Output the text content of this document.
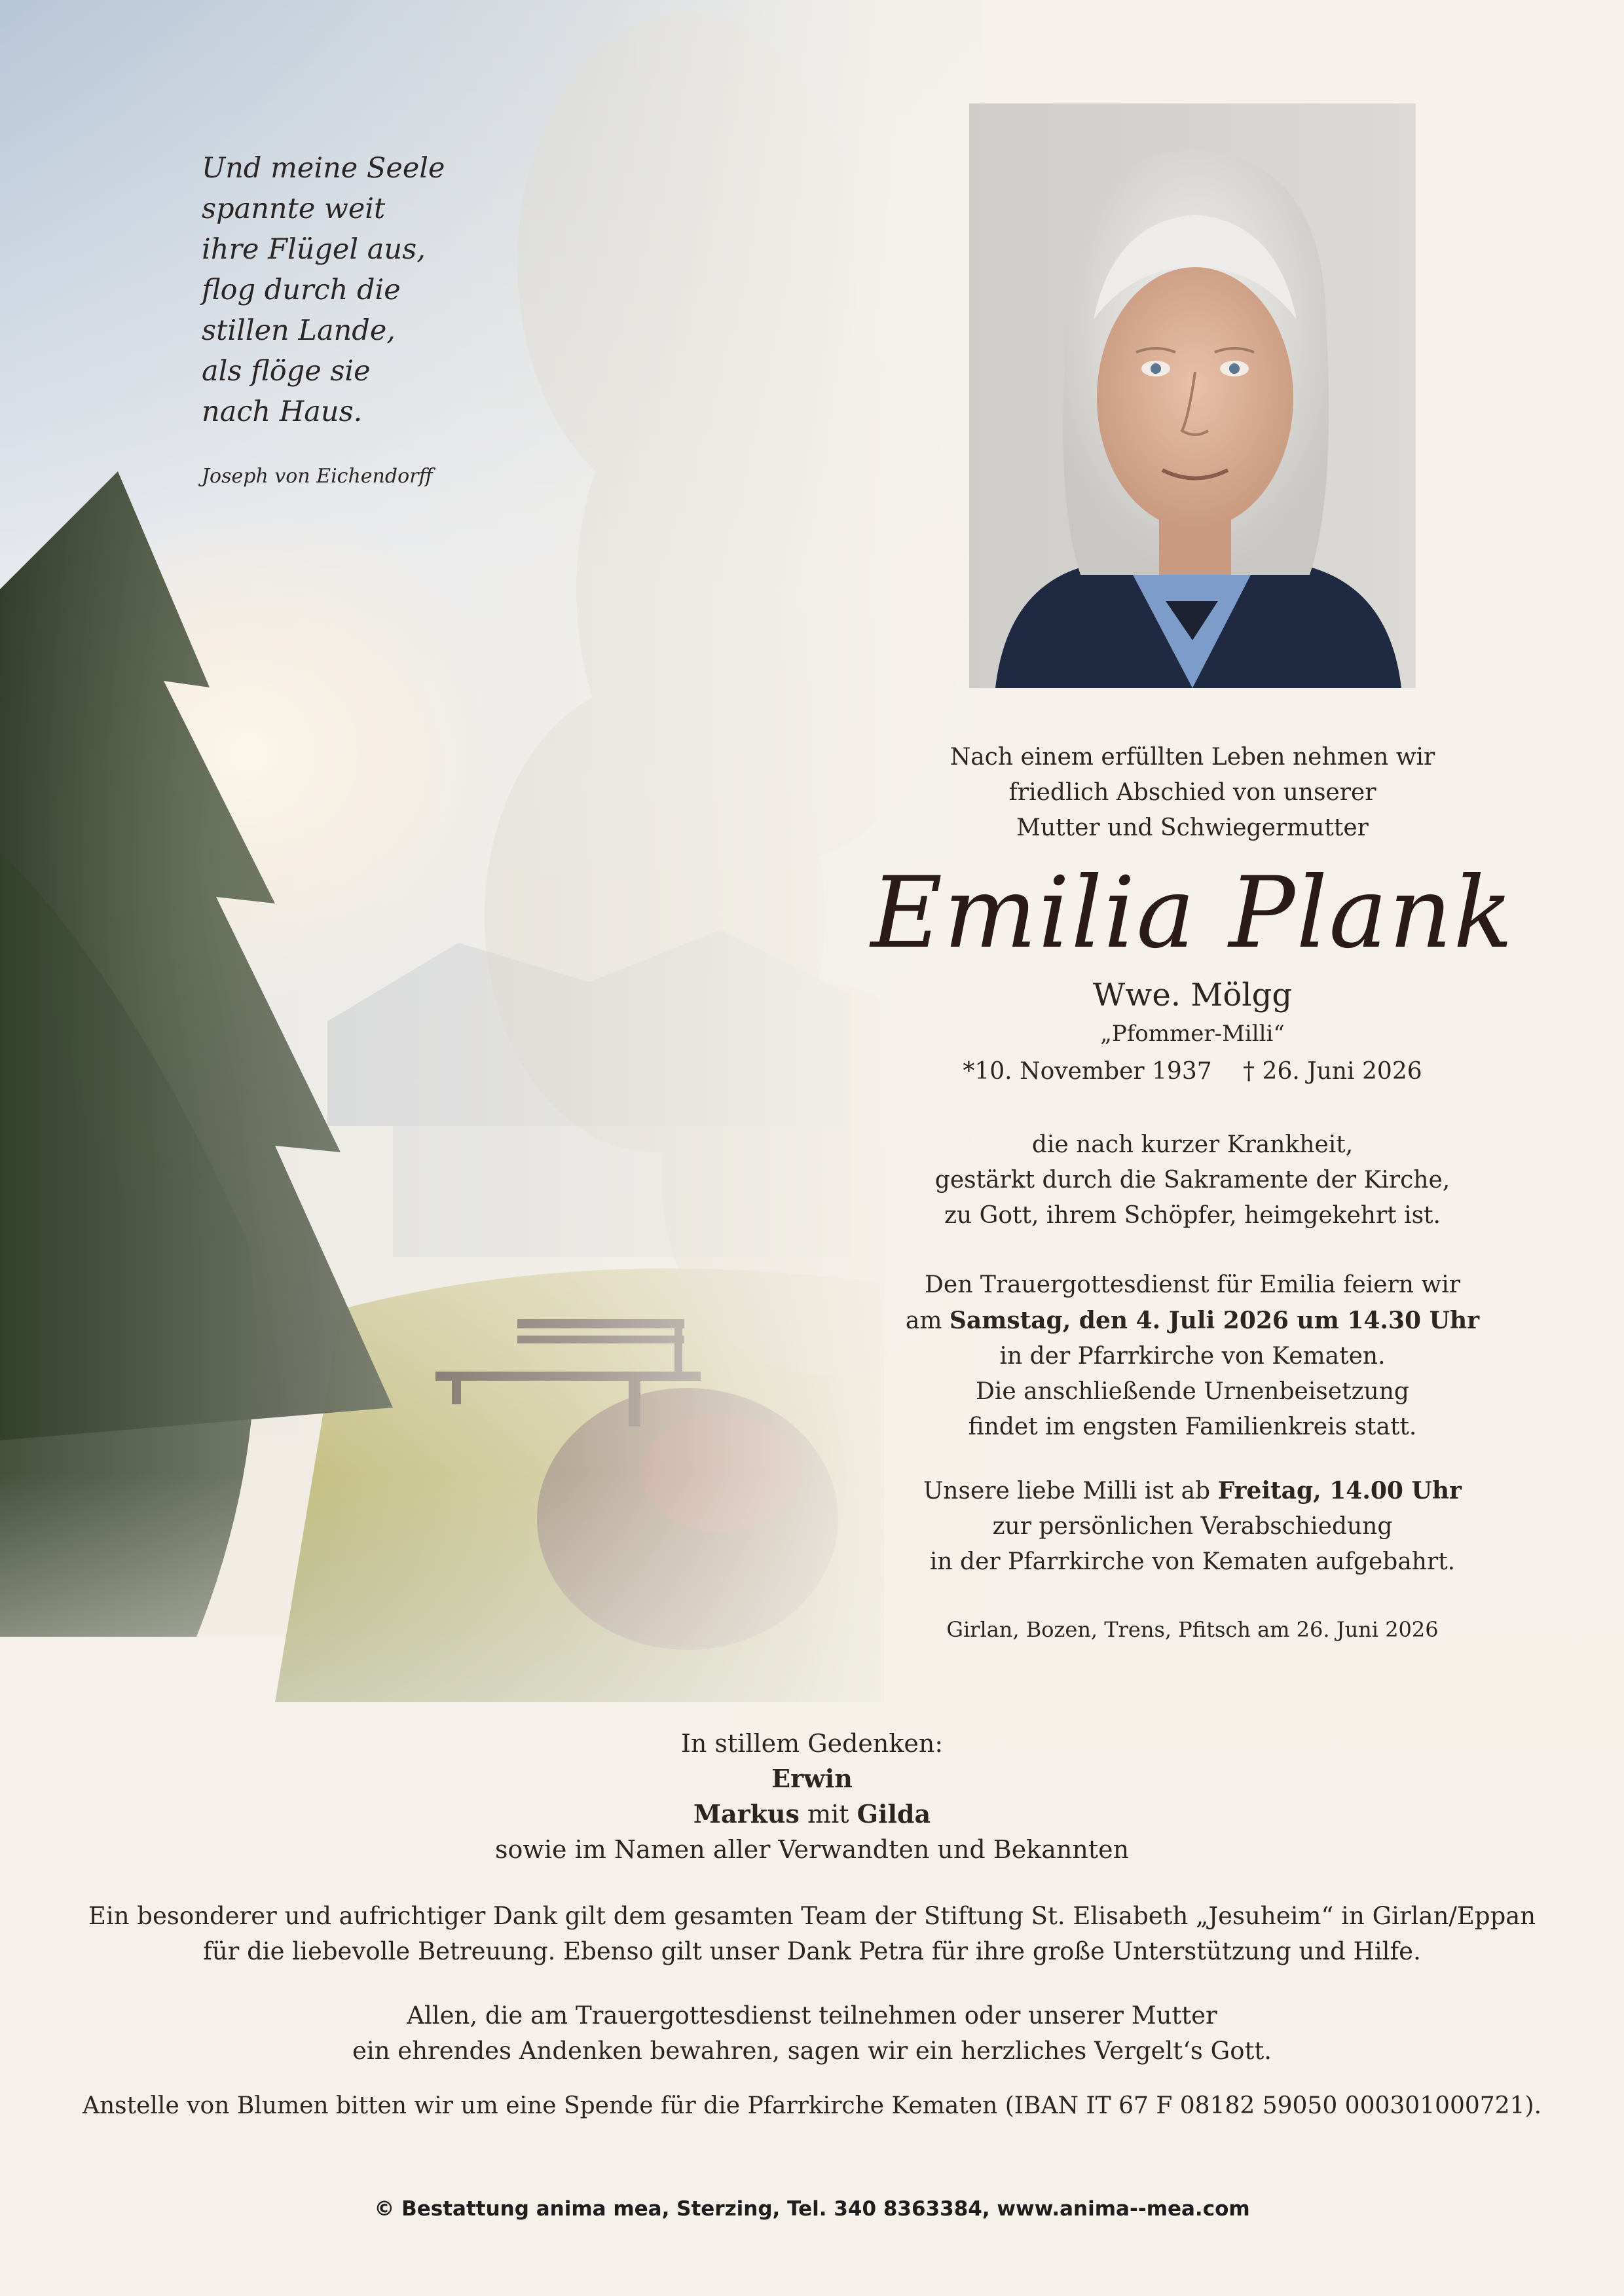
Und meine Seele
spannte weit
ihre Flügel aus,
flog durch die
stillen Lande,
als flöge sie
nach Haus.
Joseph von Eichendorff
Nach einem erfüllten Leben nehmen wir
friedlich Abschied von unserer
Mutter und Schwiegermutter
Emilia Plank
Wwe. Mölgg
„Pfommer-Milli“
*10. November 1937 † 26. Juni 2026
die nach kurzer Krankheit,
gestärkt durch die Sakramente der Kirche,
zu Gott, ihrem Schöpfer, heimgekehrt ist.
Den Trauergottesdienst für Emilia feiern wir
am Samstag, den 4. Juli 2026 um 14.30 Uhr
in der Pfarrkirche von Kematen.
Die anschließende Urnenbeisetzung
findet im engsten Familienkreis statt.
Unsere liebe Milli ist ab Freitag, 14.00 Uhr
zur persönlichen Verabschiedung
in der Pfarrkirche von Kematen aufgebahrt.
Girlan, Bozen, Trens, Pfitsch am 26. Juni 2026
In stillem Gedenken:
Erwin
Markus mit Gilda
sowie im Namen aller Verwandten und Bekannten
Ein besonderer und aufrichtiger Dank gilt dem gesamten Team der Stiftung St. Elisabeth „Jesuheim“ in Girlan/Eppan
für die liebevolle Betreuung. Ebenso gilt unser Dank Petra für ihre große Unterstützung und Hilfe.
Allen, die am Trauergottesdienst teilnehmen oder unserer Mutter
ein ehrendes Andenken bewahren, sagen wir ein herzliches Vergelt‘s Gott.
Anstelle von Blumen bitten wir um eine Spende für die Pfarrkirche Kematen (IBAN IT 67 F 08182 59050 000301000721).
© Bestattung anima mea, Sterzing, Tel. 340 8363384, www.anima--mea.com
